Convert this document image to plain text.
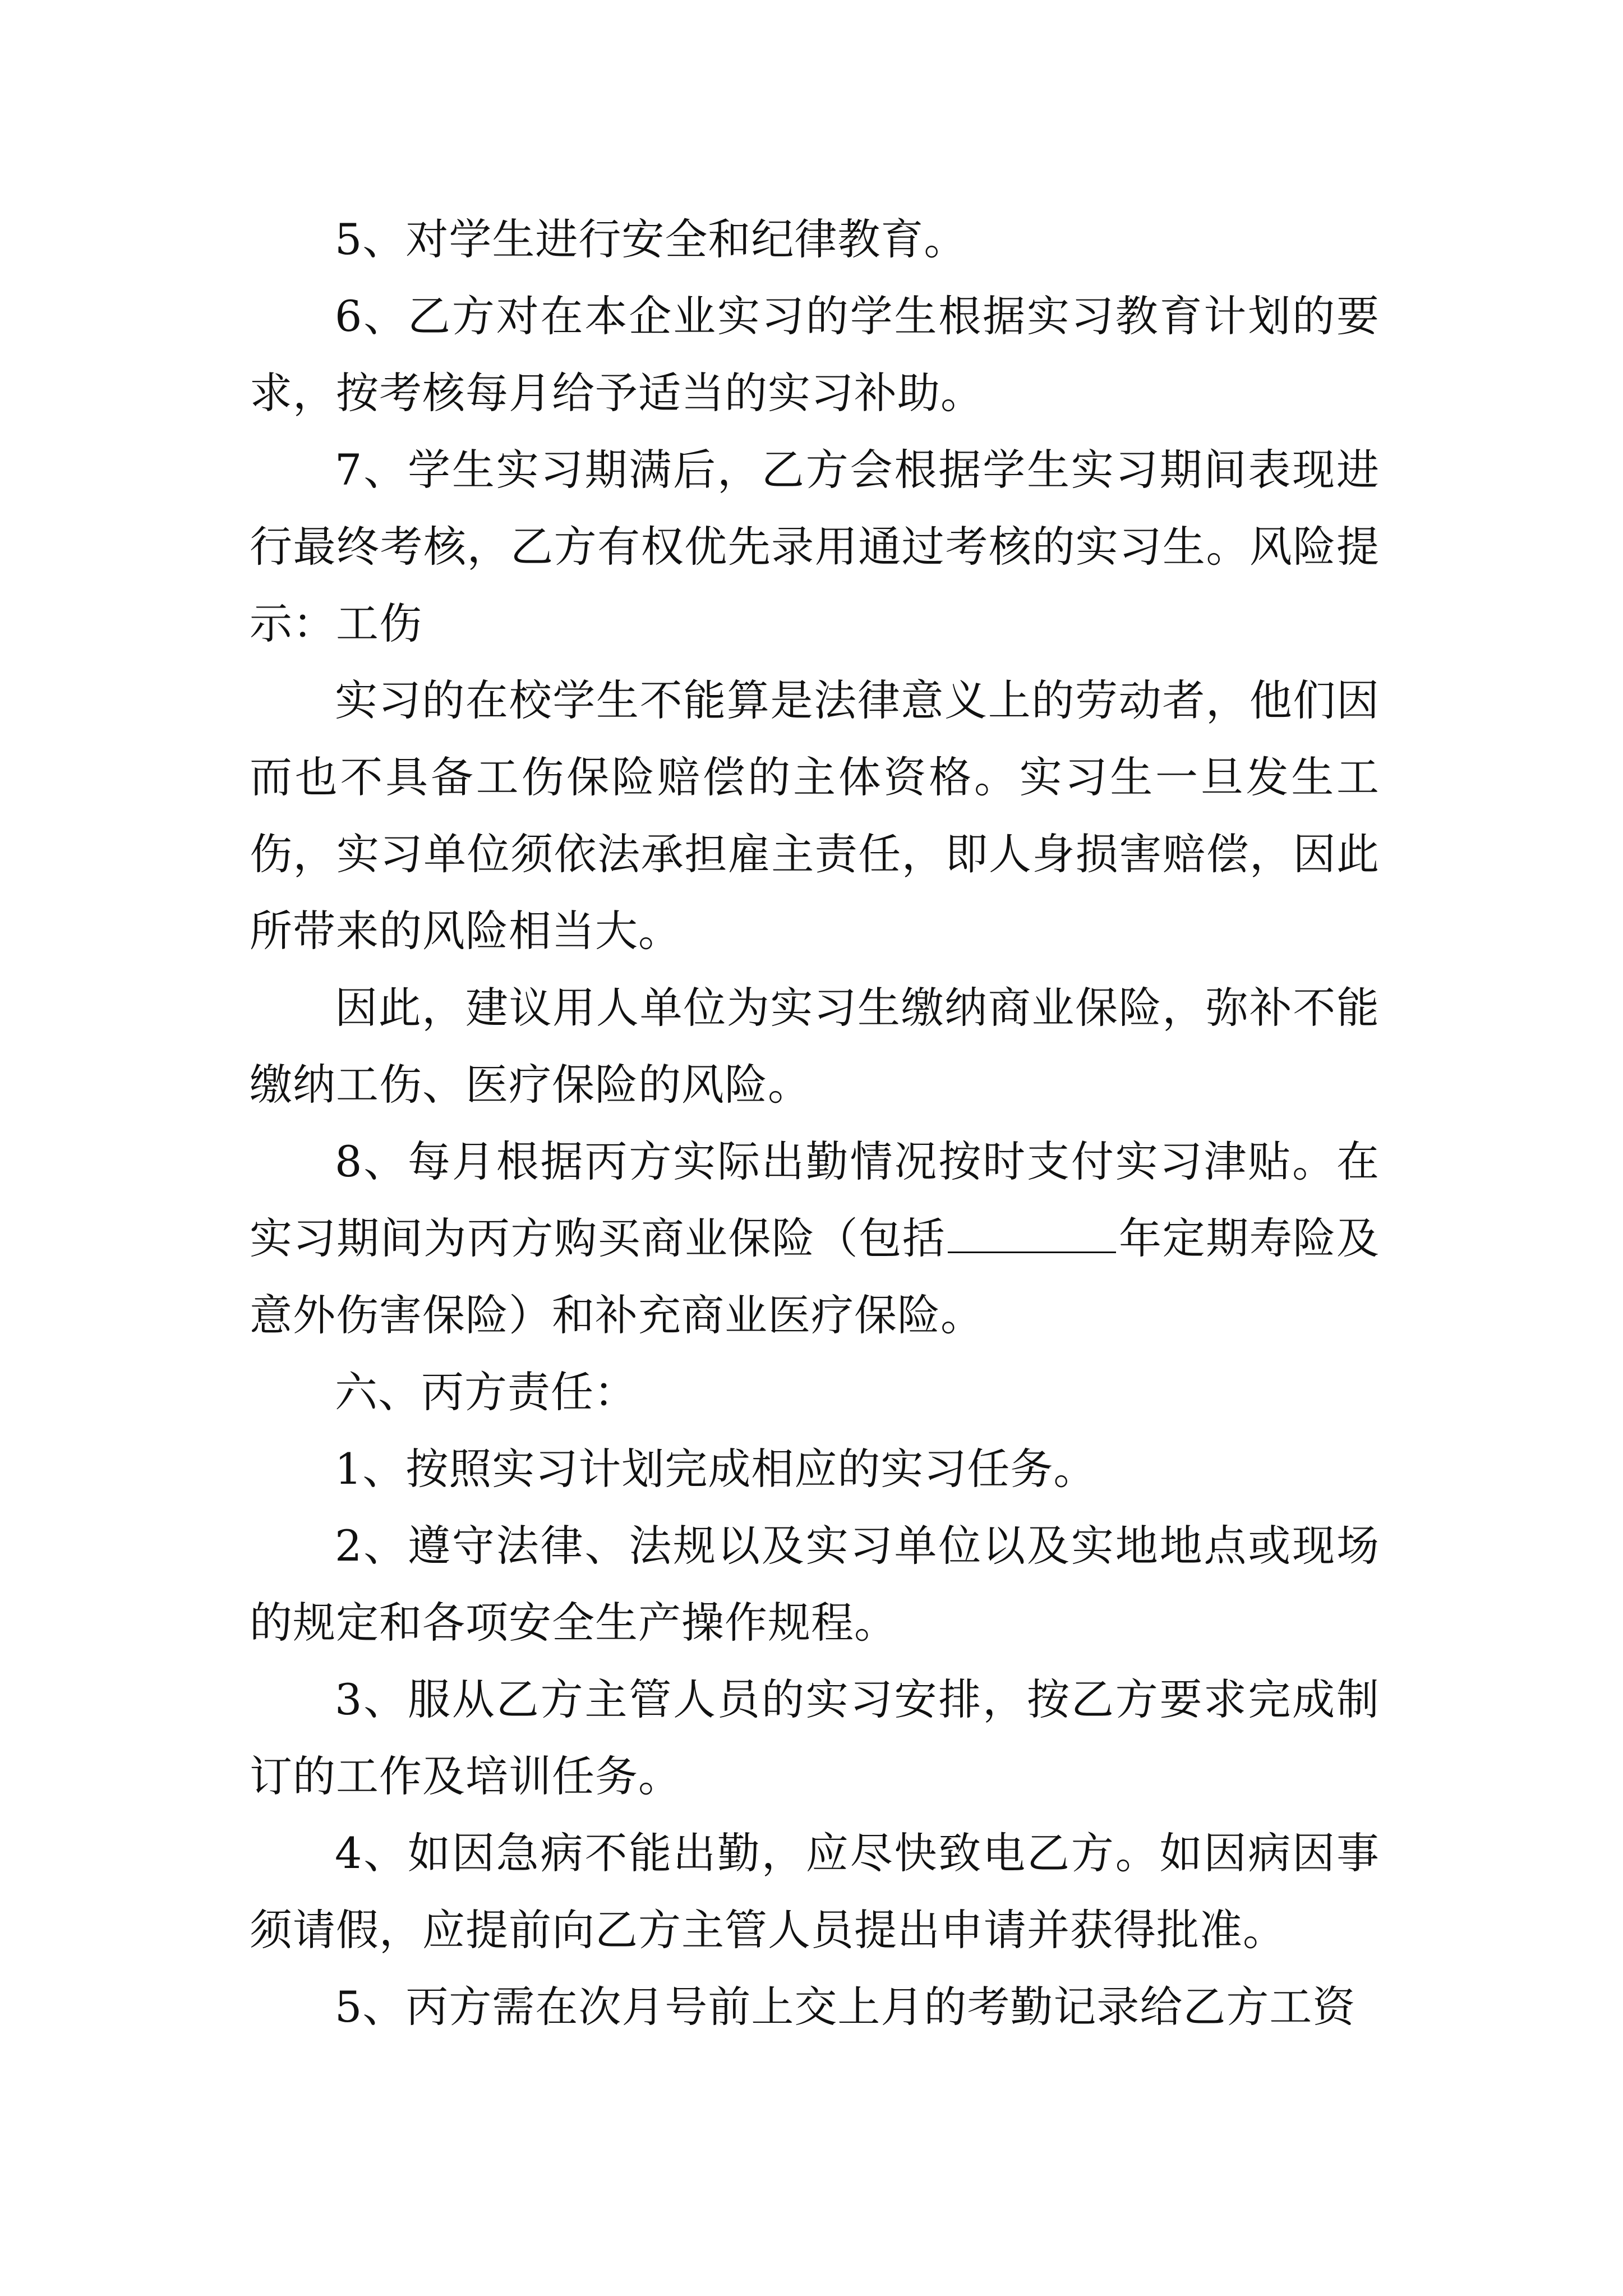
5、对学生进行安全和纪律教育。

6、乙方对在本企业实习的学生根据实习教育计划的要求，按考核每月给予适当的实习补助。

7、学生实习期满后，乙方会根据学生实习期间表现进行最终考核，乙方有权优先录用通过考核的实习生。风险提示：工伤

实习的在校学生不能算是法律意义上的劳动者，他们因而也不具备工伤保险赔偿的主体资格。实习生一旦发生工伤，实习单位须依法承担雇主责任，即人身损害赔偿，因此所带来的风险相当大。

因此，建议用人单位为实习生缴纳商业保险，弥补不能缴纳工伤、医疗保险的风险。

8、每月根据丙方实际出勤情况按时支付实习津贴。在实习期间为丙方购买商业保险（包括	年定期寿险及意外伤害保险）和补充商业医疗保险。

六、丙方责任：

1、按照实习计划完成相应的实习任务。

2、遵守法律、法规以及实习单位以及实地地点或现场的规定和各项安全生产操作规程。

3、服从乙方主管人员的实习安排，按乙方要求完成制订的工作及培训任务。

4、如因急病不能出勤，应尽快致电乙方。如因病因事须请假，应提前向乙方主管人员提出申请并获得批准。

5、丙方需在次月号前上交上月的考勤记录给乙方工资
